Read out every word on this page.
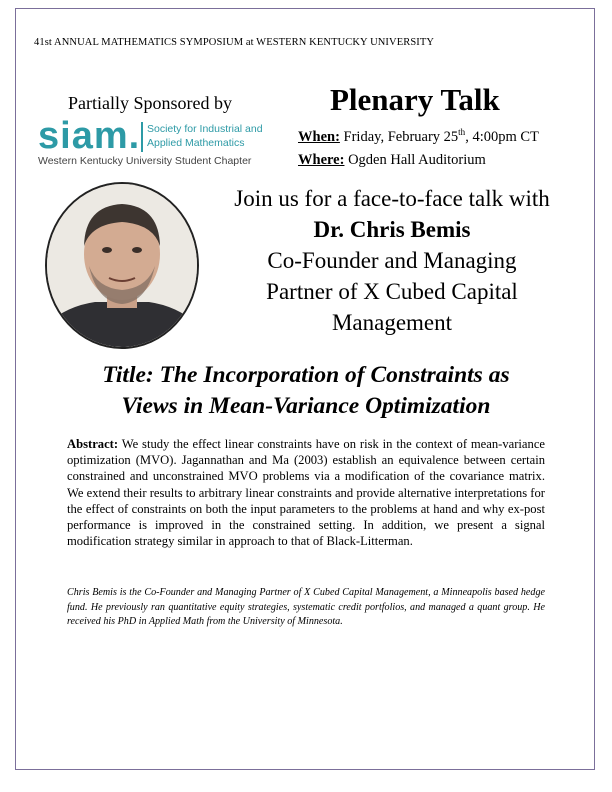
41st ANNUAL MATHEMATICS SYMPOSIUM at WESTERN KENTUCKY UNIVERSITY
Partially Sponsored by
siam. Society for Industrial and
Applied Mathematics
Western Kentucky University Student Chapter
Plenary Talk
When: Friday, February 25th, 4:00pm CT
Where: Ogden Hall Auditorium
Join us for a face-to-face talk with
Dr. Chris Bemis
Co-Founder and Managing
Partner of X Cubed Capital
Management
Title: The Incorporation of Constraints as
Views in Mean-Variance Optimization
Abstract: We study the effect linear constraints have on risk in the context of mean-variance optimization (MVO). Jagannathan and Ma (2003) establish an equivalence between certain constrained and unconstrained MVO problems via a modification of the covariance matrix. We extend their results to arbitrary linear constraints and provide alternative interpretations for the effect of constraints on both the input parameters to the problems at hand and why ex-post performance is improved in the constrained setting. In addition, we present a signal modification strategy similar in approach to that of Black-Litterman.
Chris Bemis is the Co-Founder and Managing Partner of X Cubed Capital Management, a Minneapolis based hedge fund. He previously ran quantitative equity strategies, systematic credit portfolios, and managed a quant group. He received his PhD in Applied Math from the University of Minnesota.
